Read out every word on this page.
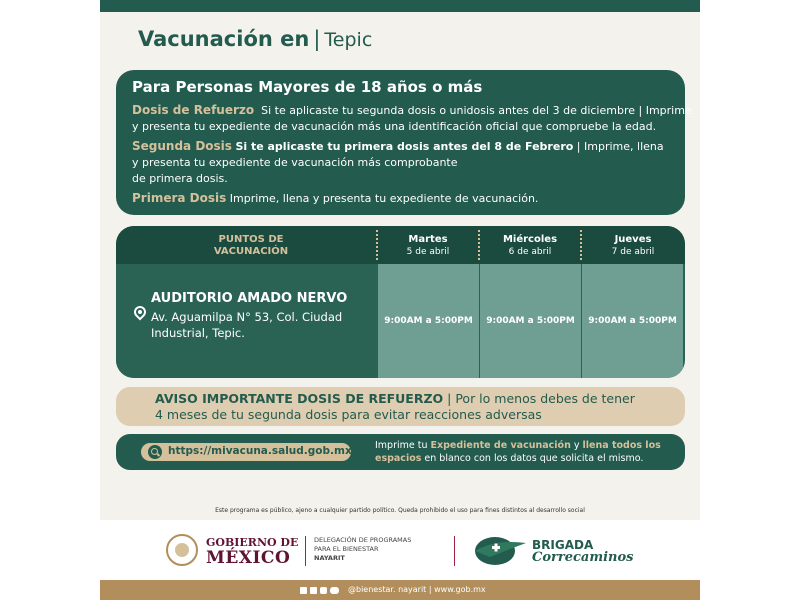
Vacunación en | Tepic
Para Personas Mayores de 18 años o más

Dosis de Refuerzo Si te aplicaste tu segunda dosis o unidosis antes del 3 de diciembre | Imprime

y presenta tu expediente de vacunación más una identificación oficial que compruebe la edad.

Segunda Dosis Si te aplicaste tu primera dosis antes del 8 de Febrero | Imprime, llena

y presenta tu expediente de vacunación más comprobante

de primera dosis.

Primera Dosis Imprime, llena y presenta tu expediente de vacunación.

PUNTOS DE
VACUNACIÓN
Martes
5 de abril
Miércoles
6 de abril
Jueves
7 de abril
AUDITORIO AMADO NERVO
Av. Aguamilpa N° 53, Col. Ciudad
Industrial, Tepic.
9:00AM a 5:00PM	9:00AM a 5:00PM	9:00AM a 5:00PM
AVISO IMPORTANTE DOSIS DE REFUERZO | Por lo menos debes de tener
4 meses de tu segunda dosis para evitar reacciones adversas
https://mivacuna.salud.gob.mx/ Imprime tu Expediente de vacunación y llena todos los
espacios en blanco con los datos que solicita el mismo.
Este programa es público, ajeno a cualquier partido político. Queda prohibido el uso para fines distintos al desarrollo social
GOBIERNO DE
MÉXICO
DELEGACIÓN DE PROGRAMAS
PARA EL BIENESTAR
NAYARIT
BRIGADA
Correcaminos
@bienestar. nayarit | www.gob.mx
